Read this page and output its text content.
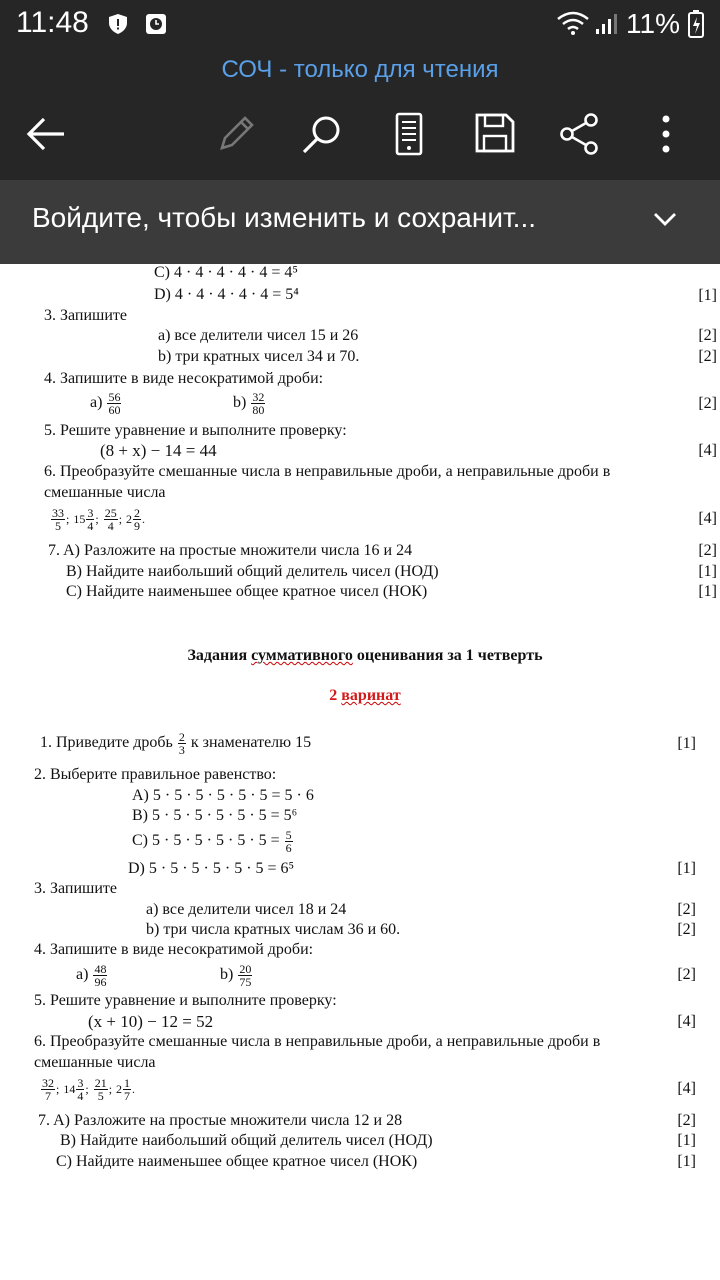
11:48	11%
СОЧ - только для чтения
Войдите, чтобы изменить и сохранит...
C) 4 · 4 · 4 · 4 · 4 = 4⁵
D) 4 · 4 · 4 · 4 · 4 = 5⁴	[1]
3. Запишите
a) все делители чисел 15 и 26	[2]
b) три кратных чисел 34 и 70.	[2]
4. Запишите в виде несократимой дроби:
$a) \frac{56}{60}$	$b) \frac{32}{80}$	[2]
5. Решите уравнение и выполните проверку:
(8 + x) − 14 = 44	[4]
6. Преобразуйте смешанные числа в неправильные дроби, а неправильные дроби в
смешанные числа
$\frac{33}{5}$ ; $15 \frac{3}{4}$ ; $\frac{25}{4}$ ; $2 \frac{2}{9}$ .	[4]
7. A) Разложите на простые множители числа 16 и 24	[2]
B) Найдите наибольший общий делитель чисел (НОД)	[1]
C) Найдите наименьшее общее кратное чисел (НОК)	[1]
Задания суммативного оценивания за 1 четверть
2 варинат
1. Приведите дробь $\frac{2}{3}$ к знаменателю 15	[1]
2. Выберите правильное равенство:
A) 5 · 5 · 5 · 5 · 5 · 5 = 5 · 6
B) 5 · 5 · 5 · 5 · 5 · 5 = 5⁶
C) $5 \cdot 5 \cdot 5 \cdot 5 \cdot 5 \cdot 5 = \frac{5}{6}$
D) 5 · 5 · 5 · 5 · 5 · 5 = 6⁵	[1]
3. Запишите
a) все делители чисел 18 и 24	[2]
b) три числа кратных числам 36 и 60.	[2]
4. Запишите в виде несократимой дроби:
$a) \frac{48}{96}$	$b) \frac{20}{75}$	[2]
5. Решите уравнение и выполните проверку:
(x + 10) − 12 = 52	[4]
6. Преобразуйте смешанные числа в неправильные дроби, а неправильные дроби в
смешанные числа
$\frac{32}{7}$ ; $14 \frac{3}{4}$ ; $\frac{21}{5}$ ; $2 \frac{1}{7}$ .	[4]
7. A) Разложите на простые множители числа 12 и 28	[2]
B) Найдите наибольший общий делитель чисел (НОД)	[1]
C) Найдите наименьшее общее кратное чисел (НОК)	[1]
